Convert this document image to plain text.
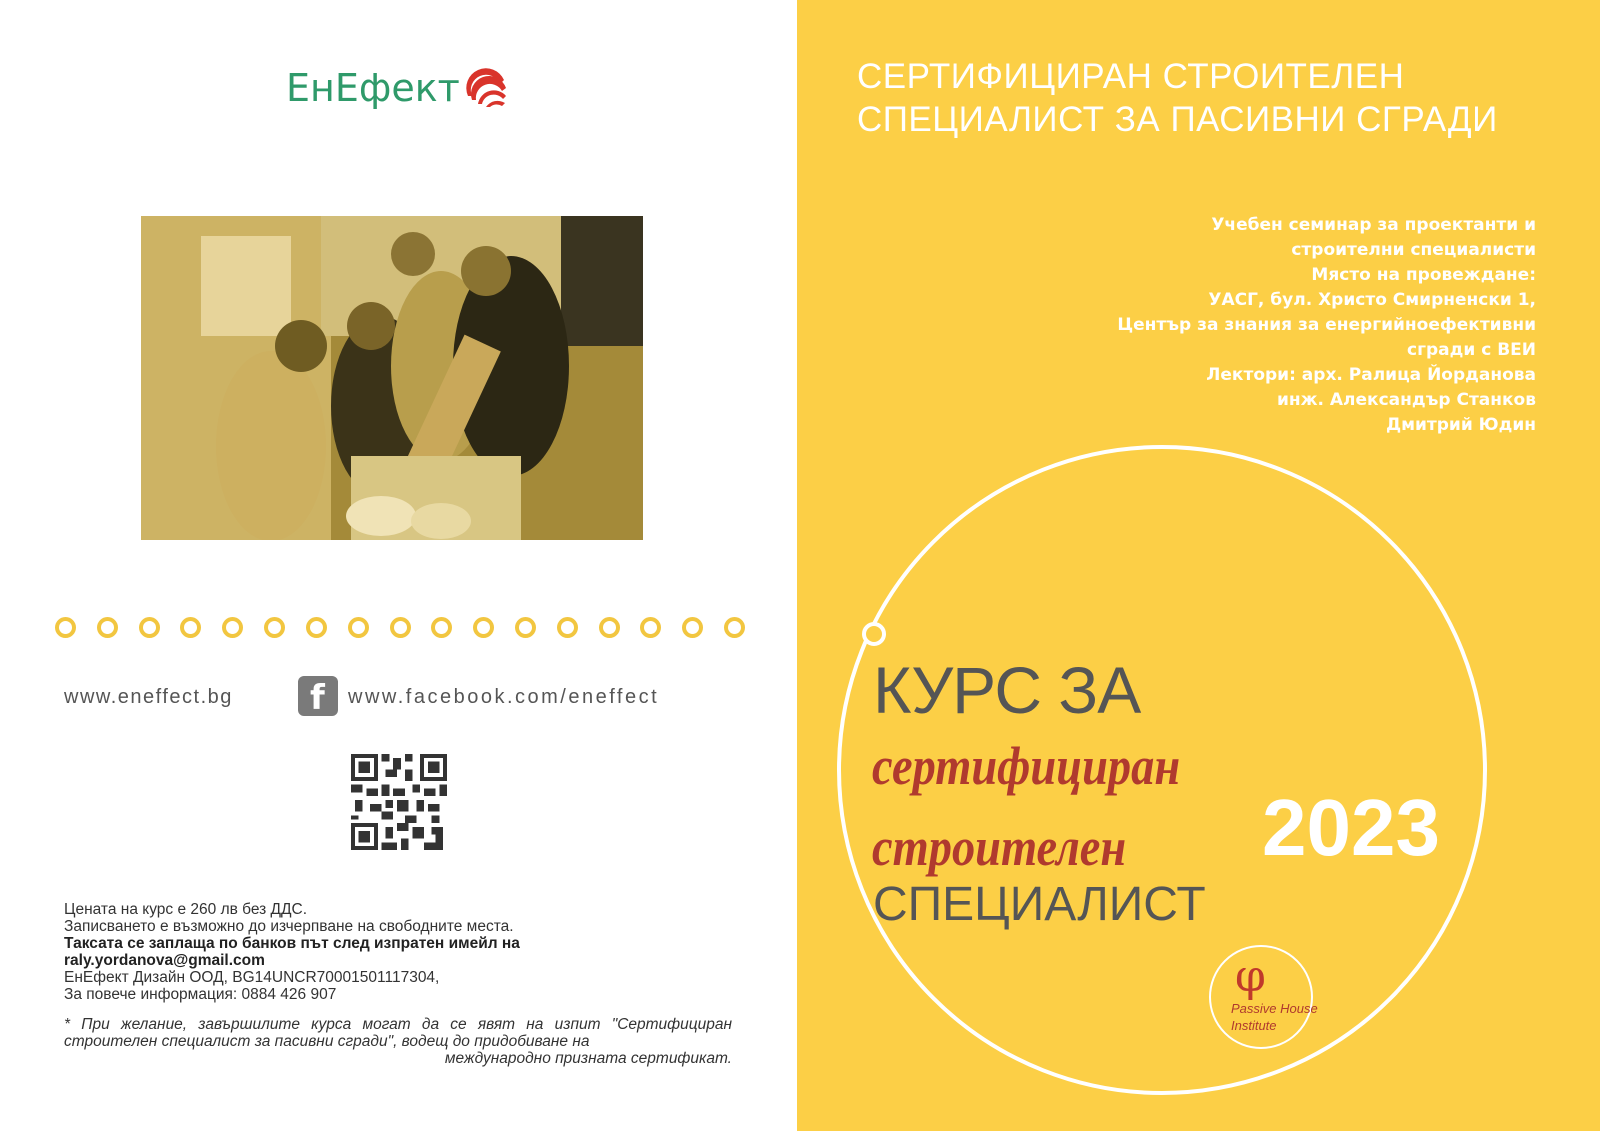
ЕнЕфект
www.eneffect.bg f www.facebook.com/eneffect
Цената на курс е 260 лв без ДДС.
Записването е възможно до изчерпване на свободните места.
Таксата се заплаща по банков път след изпратен имейл на
raly.yordanova@gmail.com
ЕнЕфект Дизайн ООД, BG14UNCR70001501117304,
За повече информация: 0884 426 907
* При желание, завършилите курса могат да се явят на изпит "Сертифициран строителен специалист за пасивни сгради", водещ до придобиване на
международно призната сертификат.
СЕРТИФИЦИРАН СТРОИТЕЛЕН
СПЕЦИАЛИСТ ЗА ПАСИВНИ СГРАДИ
Учебен семинар за проектанти и
строителни специалисти
Място на провеждане:
УАСГ, бул. Христо Смирненски 1,
Център за знания за енергийноефективни
сгради с ВЕИ
Лектори: арх. Ралица Йорданова
инж. Александър Станков
Дмитрий Юдин
КУРС ЗА
сертифициран
строителен
СПЕЦИАЛИСТ
2023
φ
Passive House
Institute
